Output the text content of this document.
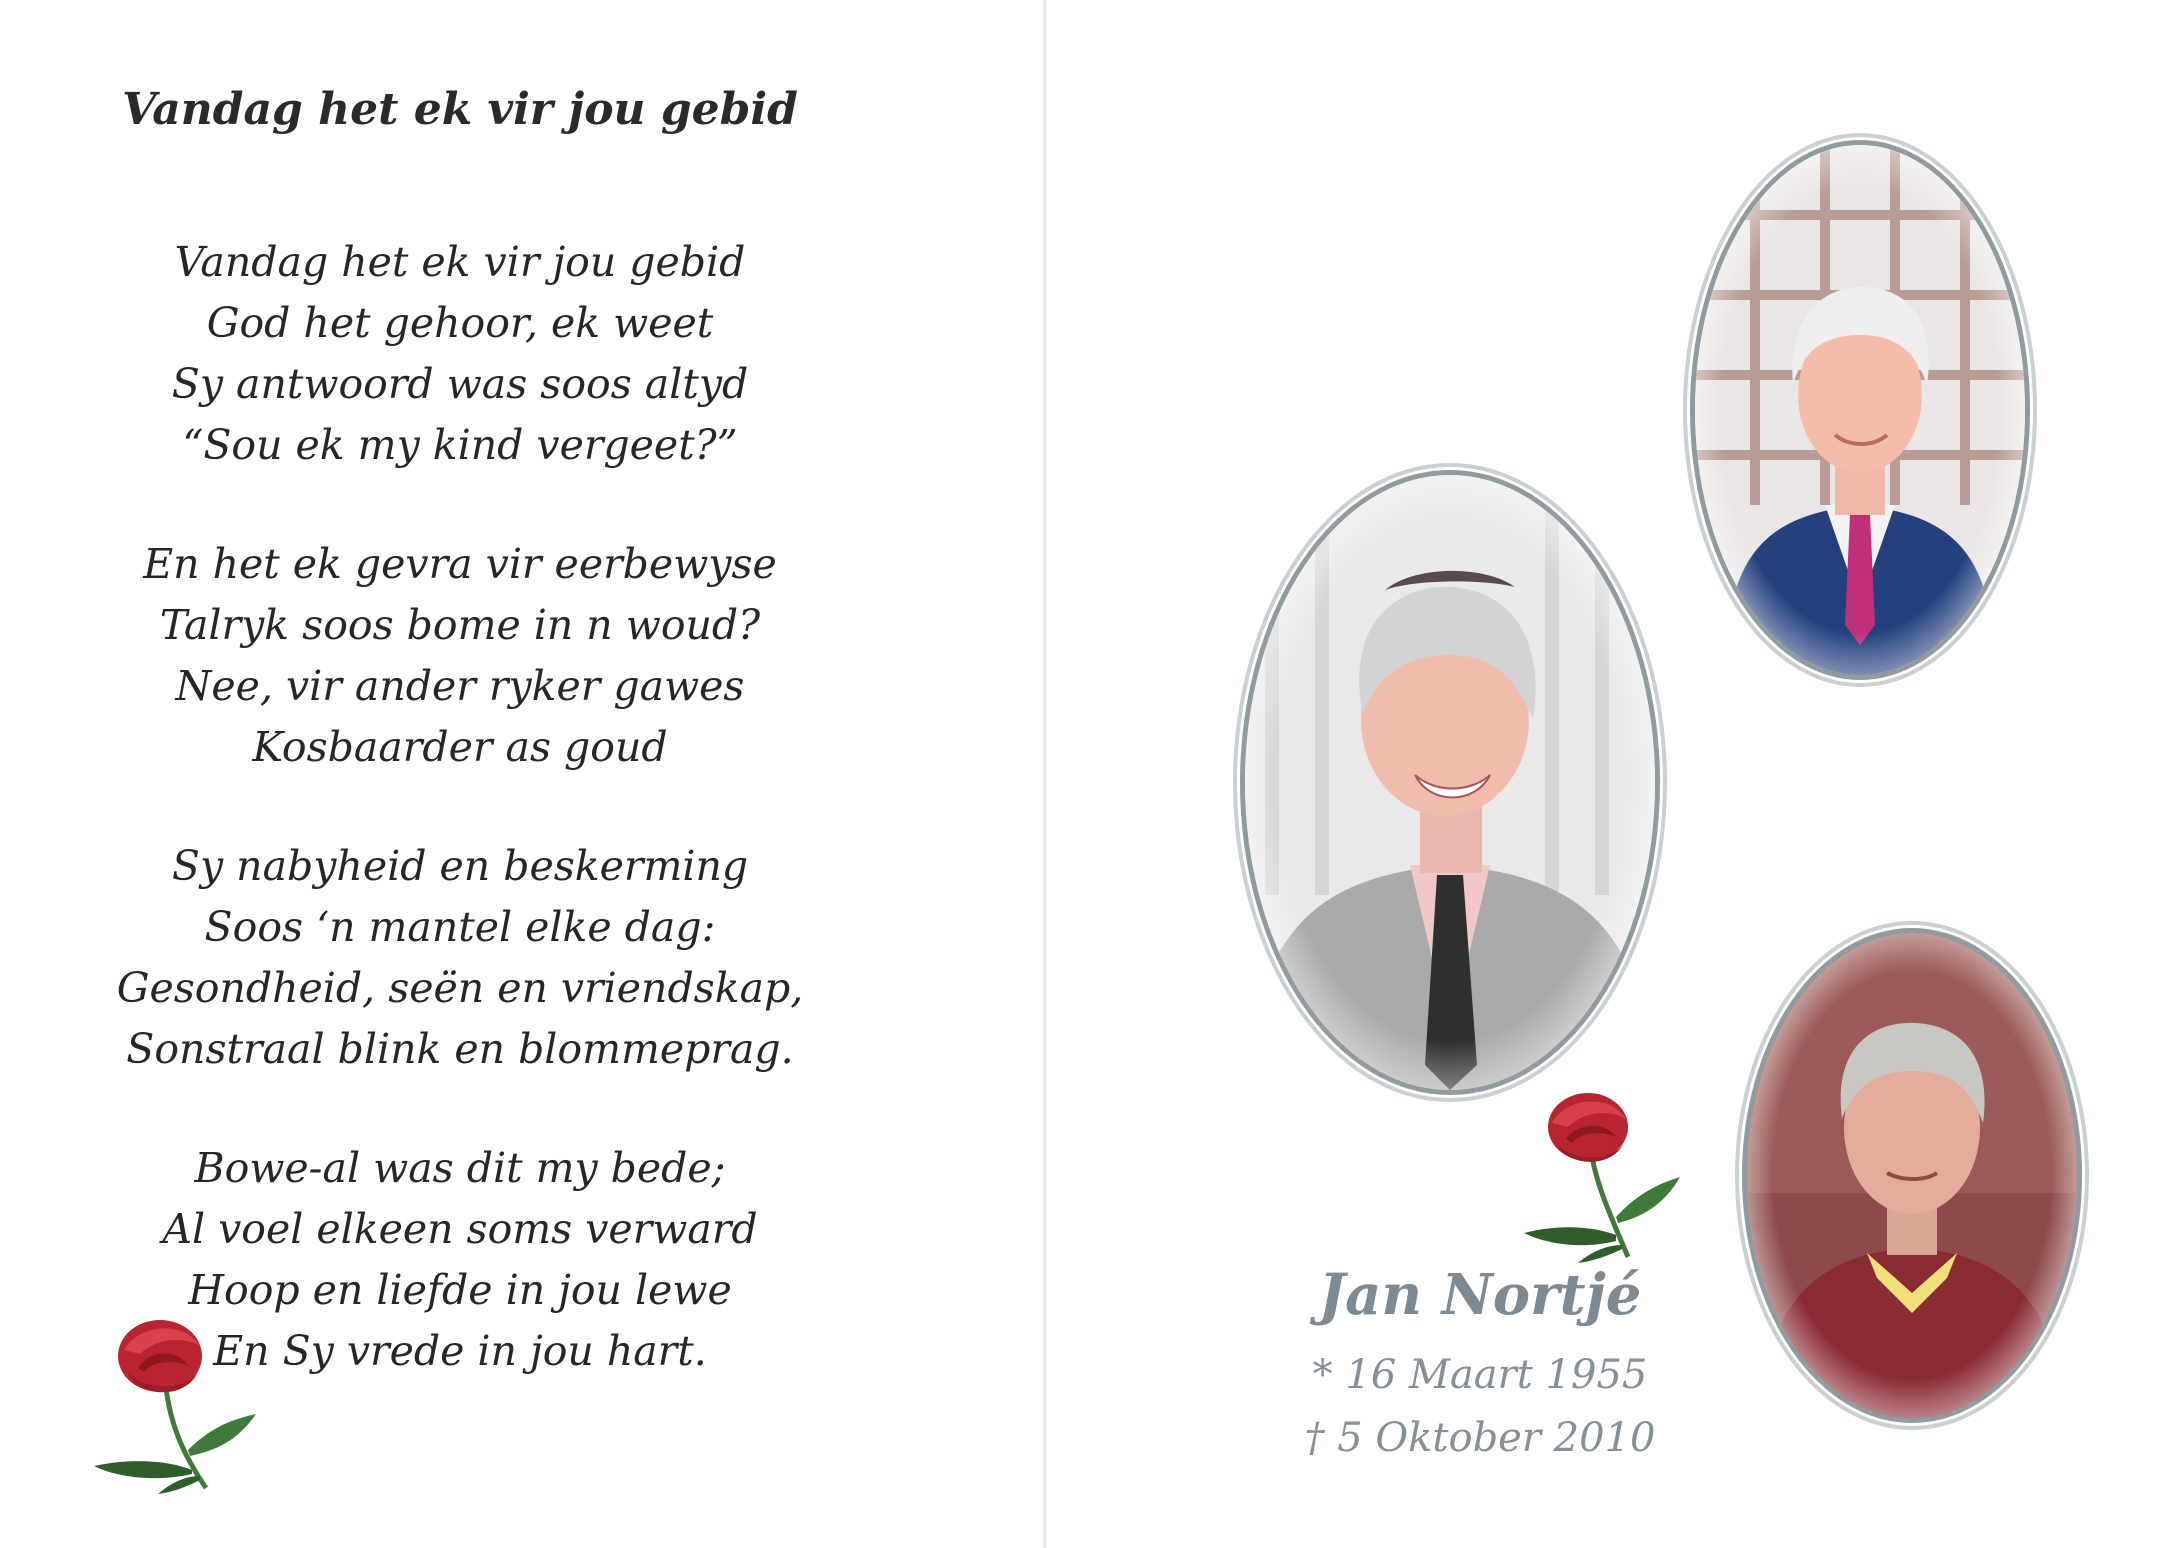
Vandag het ek vir jou gebid
Vandag het ek vir jou gebid
God het gehoor, ek weet
Sy antwoord was soos altyd
“Sou ek my kind vergeet?”
En het ek gevra vir eerbewyse
Talryk soos bome in n woud?
Nee, vir ander ryker gawes
Kosbaarder as goud
Sy nabyheid en beskerming
Soos ‘n mantel elke dag:
Gesondheid, seën en vriendskap,
Sonstraal blink en blommeprag.
Bowe-al was dit my bede;
Al voel elkeen soms verward
Hoop en liefde in jou lewe
En Sy vrede in jou hart.
Jan Nortjé
* 16 Maart 1955
† 5 Oktober 2010
